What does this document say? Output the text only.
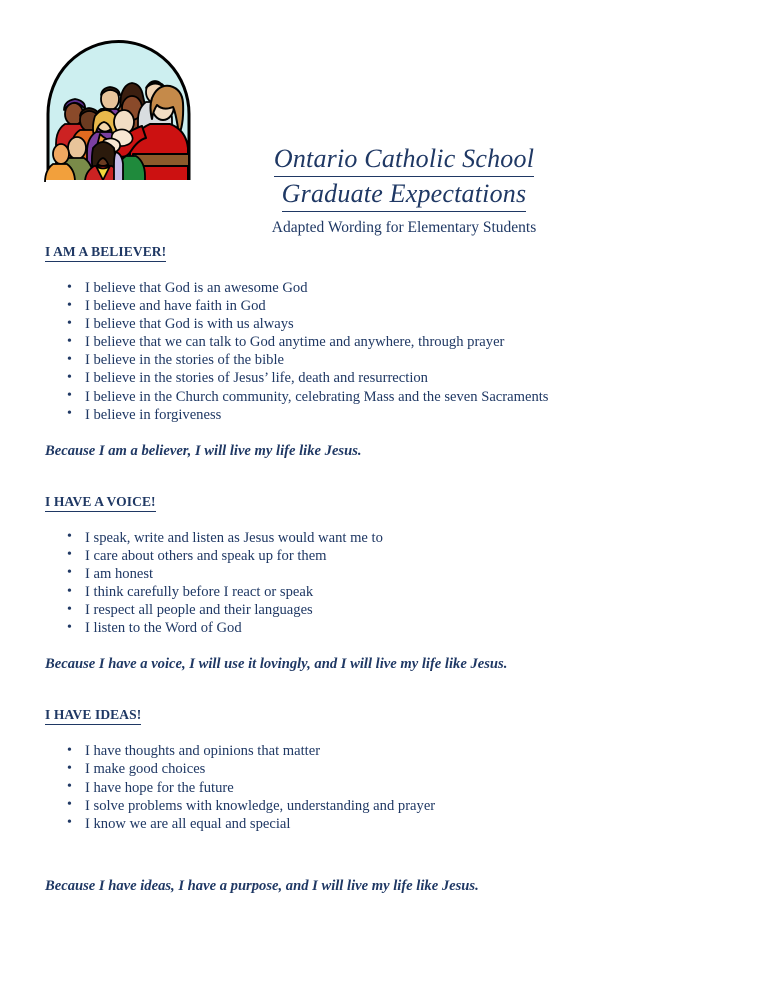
Ontario Catholic School
Graduate Expectations
Adapted Wording for Elementary Students
I AM A BELIEVER!
• I believe that God is an awesome God
• I believe and have faith in God
• I believe that God is with us always
• I believe that we can talk to God anytime and anywhere, through prayer
• I believe in the stories of the bible
• I believe in the stories of Jesus’ life, death and resurrection
• I believe in the Church community, celebrating Mass and the seven Sacraments
• I believe in forgiveness
Because I am a believer, I will live my life like Jesus.
I HAVE A VOICE!
• I speak, write and listen as Jesus would want me to
• I care about others and speak up for them
• I am honest
• I think carefully before I react or speak
• I respect all people and their languages
• I listen to the Word of God
Because I have a voice, I will use it lovingly, and I will live my life like Jesus.
I HAVE IDEAS!
• I have thoughts and opinions that matter
• I make good choices
• I have hope for the future
• I solve problems with knowledge, understanding and prayer
• I know we are all equal and special
Because I have ideas, I have a purpose, and I will live my life like Jesus.
